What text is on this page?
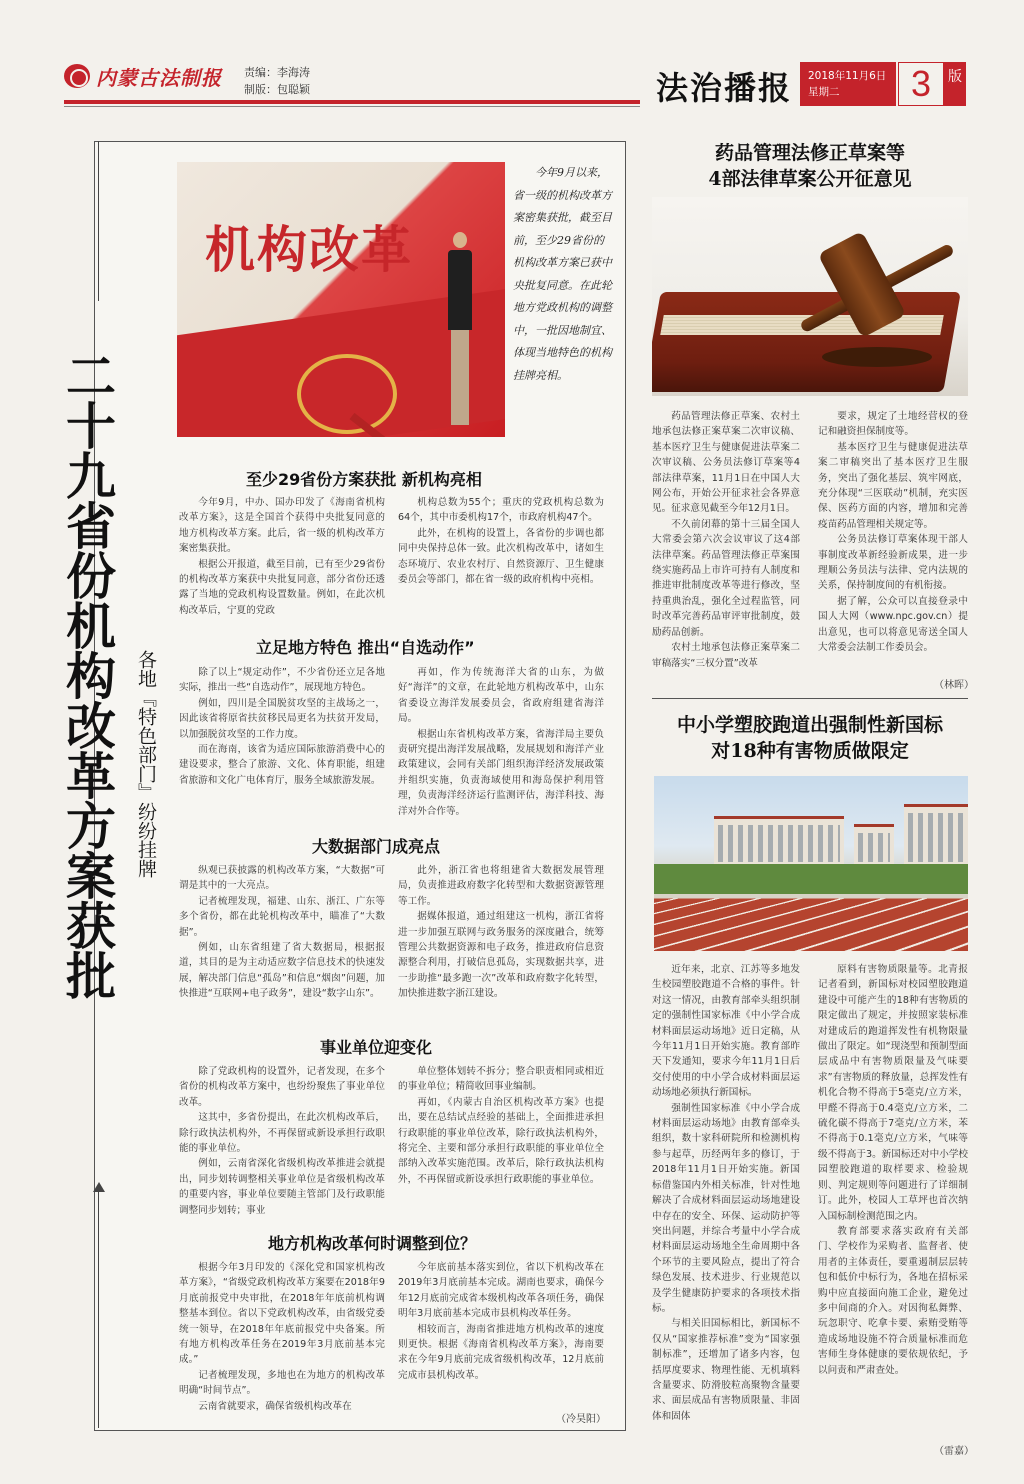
内蒙古法制报 责编：李海涛
制版：包聪颖	法治播报 2018年11月6日
星期二	3	版
二十九省份机构改革方案获批 各地『特色部门』纷纷挂牌
机构改革

今年9月以来，省一级的机构改革方案密集获批，截至目前，至少29省份的机构改革方案已获中央批复同意。在此轮地方党政机构的调整中，一批因地制宜、体现当地特色的机构挂牌亮相。

至少29省份方案获批 新机构亮相

今年9月，中办、国办印发了《海南省机构改革方案》，这是全国首个获得中央批复同意的地方机构改革方案。此后，省一级的机构改革方案密集获批。

根据公开报道，截至目前，已有至少29省份的机构改革方案获中央批复同意，部分省份还透露了当地的党政机构设置数量。例如，在此次机构改革后，宁夏的党政

机构总数为55个；重庆的党政机构总数为64个，其中市委机构17个，市政府机构47个。

此外，在机构的设置上，各省份的步调也都同中央保持总体一致。此次机构改革中，诸如生态环境厅、农业农村厅、自然资源厅、卫生健康委员会等部门，都在省一级的政府机构中亮相。

立足地方特色 推出“自选动作”

除了以上“规定动作”，不少省份还立足各地实际，推出一些“自选动作”，展现地方特色。

例如，四川是全国脱贫攻坚的主战场之一，因此该省将原省扶贫移民局更名为扶贫开发局，以加强脱贫攻坚的工作力度。

而在海南，该省为适应国际旅游消费中心的建设要求，整合了旅游、文化、体育职能，组建省旅游和文化广电体育厅，服务全域旅游发展。

再如，作为传统海洋大省的山东，为做好“海洋”的文章，在此轮地方机构改革中，山东省委设立海洋发展委员会，省政府组建省海洋局。

根据山东省机构改革方案，省海洋局主要负责研究提出海洋发展战略，发展规划和海洋产业政策建议，会同有关部门组织海洋经济发展政策并组织实施，负责海域使用和海岛保护利用管理，负责海洋经济运行监测评估，海洋科技、海洋对外合作等。

大数据部门成亮点

纵观已获披露的机构改革方案，“大数据”可谓是其中的一大亮点。

记者梳理发现，福建、山东、浙江、广东等多个省份，都在此轮机构改革中，瞄准了“大数据”。

例如，山东省组建了省大数据局，根据报道，其目的是为主动适应数字信息技术的快速发展，解决部门信息“孤岛”和信息“烟囱”问题，加快推进“互联网+电子政务”，建设“数字山东”。

此外，浙江省也将组建省大数据发展管理局，负责推进政府数字化转型和大数据资源管理等工作。

据媒体报道，通过组建这一机构，浙江省将进一步加强互联网与政务服务的深度融合，统筹管理公共数据资源和电子政务，推进政府信息资源整合利用，打破信息孤岛，实现数据共享，进一步助推“最多跑一次”改革和政府数字化转型，加快推进数字浙江建设。

事业单位迎变化

除了党政机构的设置外，记者发现，在多个省份的机构改革方案中，也纷纷聚焦了事业单位改革。

这其中，多省份提出，在此次机构改革后，除行政执法机构外，不再保留或新设承担行政职能的事业单位。

例如，云南省深化省级机构改革推进会就提出，同步划转调整相关事业单位是省级机构改革的重要内容，事业单位要随主管部门及行政职能调整同步划转；事业

单位整体划转不拆分；整合职责相同或相近的事业单位；精简收回事业编制。

再如，《内蒙古自治区机构改革方案》也提出，要在总结试点经验的基础上，全面推进承担行政职能的事业单位改革，除行政执法机构外，将完全、主要和部分承担行政职能的事业单位全部纳入改革实施范围。改革后，除行政执法机构外，不再保留或新设承担行政职能的事业单位。

地方机构改革何时调整到位？

根据今年3月印发的《深化党和国家机构改革方案》，“省级党政机构改革方案要在2018年9月底前报党中央审批，在2018年年底前机构调整基本到位。省以下党政机构改革，由省级党委统一领导，在2018年年底前报党中央备案。所有地方机构改革任务在2019年3月底前基本完成。”

记者梳理发现，多地也在为地方的机构改革明确“时间节点”。

云南省就要求，确保省级机构改革在

今年底前基本落实到位，省以下机构改革在2019年3月底前基本完成。湖南也要求，确保今年12月底前完成省本级机构改革各项任务，确保明年3月底前基本完成市县机构改革任务。

相较而言，海南省推进地方机构改革的速度则更快。根据《海南省机构改革方案》，海南要求在今年9月底前完成省级机构改革，12月底前完成市县机构改革。

（冷昊阳）
药品管理法修正草案等
4部法律草案公开征意见

药品管理法修正草案、农村土地承包法修正案草案二次审议稿、基本医疗卫生与健康促进法草案二次审议稿、公务员法修订草案等4部法律草案，11月1日在中国人大网公布，开始公开征求社会各界意见。征求意见截至今年12月1日。

不久前闭幕的第十三届全国人大常委会第六次会议审议了这4部法律草案。药品管理法修正草案围绕实施药品上市许可持有人制度和推进审批制度改革等进行修改，坚持重典治乱，强化全过程监管，同时改革完善药品审评审批制度，鼓励药品创新。

农村土地承包法修正案草案二审稿落实“三权分置”改革

要求，规定了土地经营权的登记和融资担保制度等。

基本医疗卫生与健康促进法草案二审稿突出了基本医疗卫生服务，突出了强化基层、筑牢网底，充分体现“三医联动”机制，充实医保、医药方面的内容，增加和完善疫苗药品管理相关规定等。

公务员法修订草案体现干部人事制度改革新经验新成果，进一步理顺公务员法与法律、党内法规的关系，保持制度间的有机衔接。

据了解，公众可以直接登录中国人大网（www.npc.gov.cn）提出意见，也可以将意见寄送全国人大常委会法制工作委员会。

（林晖）
中小学塑胶跑道出强制性新国标
对18种有害物质做限定

近年来，北京、江苏等多地发生校园塑胶跑道不合格的事件。针对这一情况，由教育部牵头组织制定的强制性国家标准《中小学合成材料面层运动场地》近日定稿，从今年11月1日开始实施。教育部昨天下发通知，要求今年11月1日后交付使用的中小学合成材料面层运动场地必须执行新国标。

强制性国家标准《中小学合成材料面层运动场地》由教育部牵头组织，数十家科研院所和检测机构参与起草，历经两年多的修订，于2018年11月1日开始实施。新国标借鉴国内外相关标准，针对性地解决了合成材料面层运动场地建设中存在的安全、环保、运动防护等突出问题，并综合考量中小学合成材料面层运动场地全生命周期中各个环节的主要风险点，提出了符合绿色发展、技术进步、行业规范以及学生健康防护要求的各项技术指标。

与相关旧国标相比，新国标不仅从“国家推荐标准”变为“国家强制标准”，还增加了诸多内容，包括厚度要求、物理性能、无机填料含量要求、防滑胶粒高聚物含量要求、面层成品有害物质限量、非固体和固体

原料有害物质限量等。北青报记者看到，新国标对校园塑胶跑道建设中可能产生的18种有害物质的限定做出了规定，并按照家装标准对建成后的跑道挥发性有机物限量做出了限定。如“现浇型和预制型面层成品中有害物质限量及气味要求”有害物质的释放量，总挥发性有机化合物不得高于5毫克/立方米，甲醛不得高于0.4毫克/立方米，二硫化碳不得高于7毫克/立方米，苯不得高于0.1毫克/立方米，气味等级不得高于3。新国标还对中小学校园塑胶跑道的取样要求、检验规则、判定规则等问题进行了详细制订。此外，校园人工草坪也首次纳入国标制检测范围之内。

教育部要求落实政府有关部门、学校作为采购者、监督者、使用者的主体责任，要重遏制层层转包和低价中标行为，各地在招标采购中应直接面向施工企业，避免过多中间商的介入。对因徇私舞弊、玩忽职守、吃拿卡要、索贿受贿等造成场地设施不符合质量标准而危害师生身体健康的要依规依纪，予以问责和严肃查处。

（雷嘉）
